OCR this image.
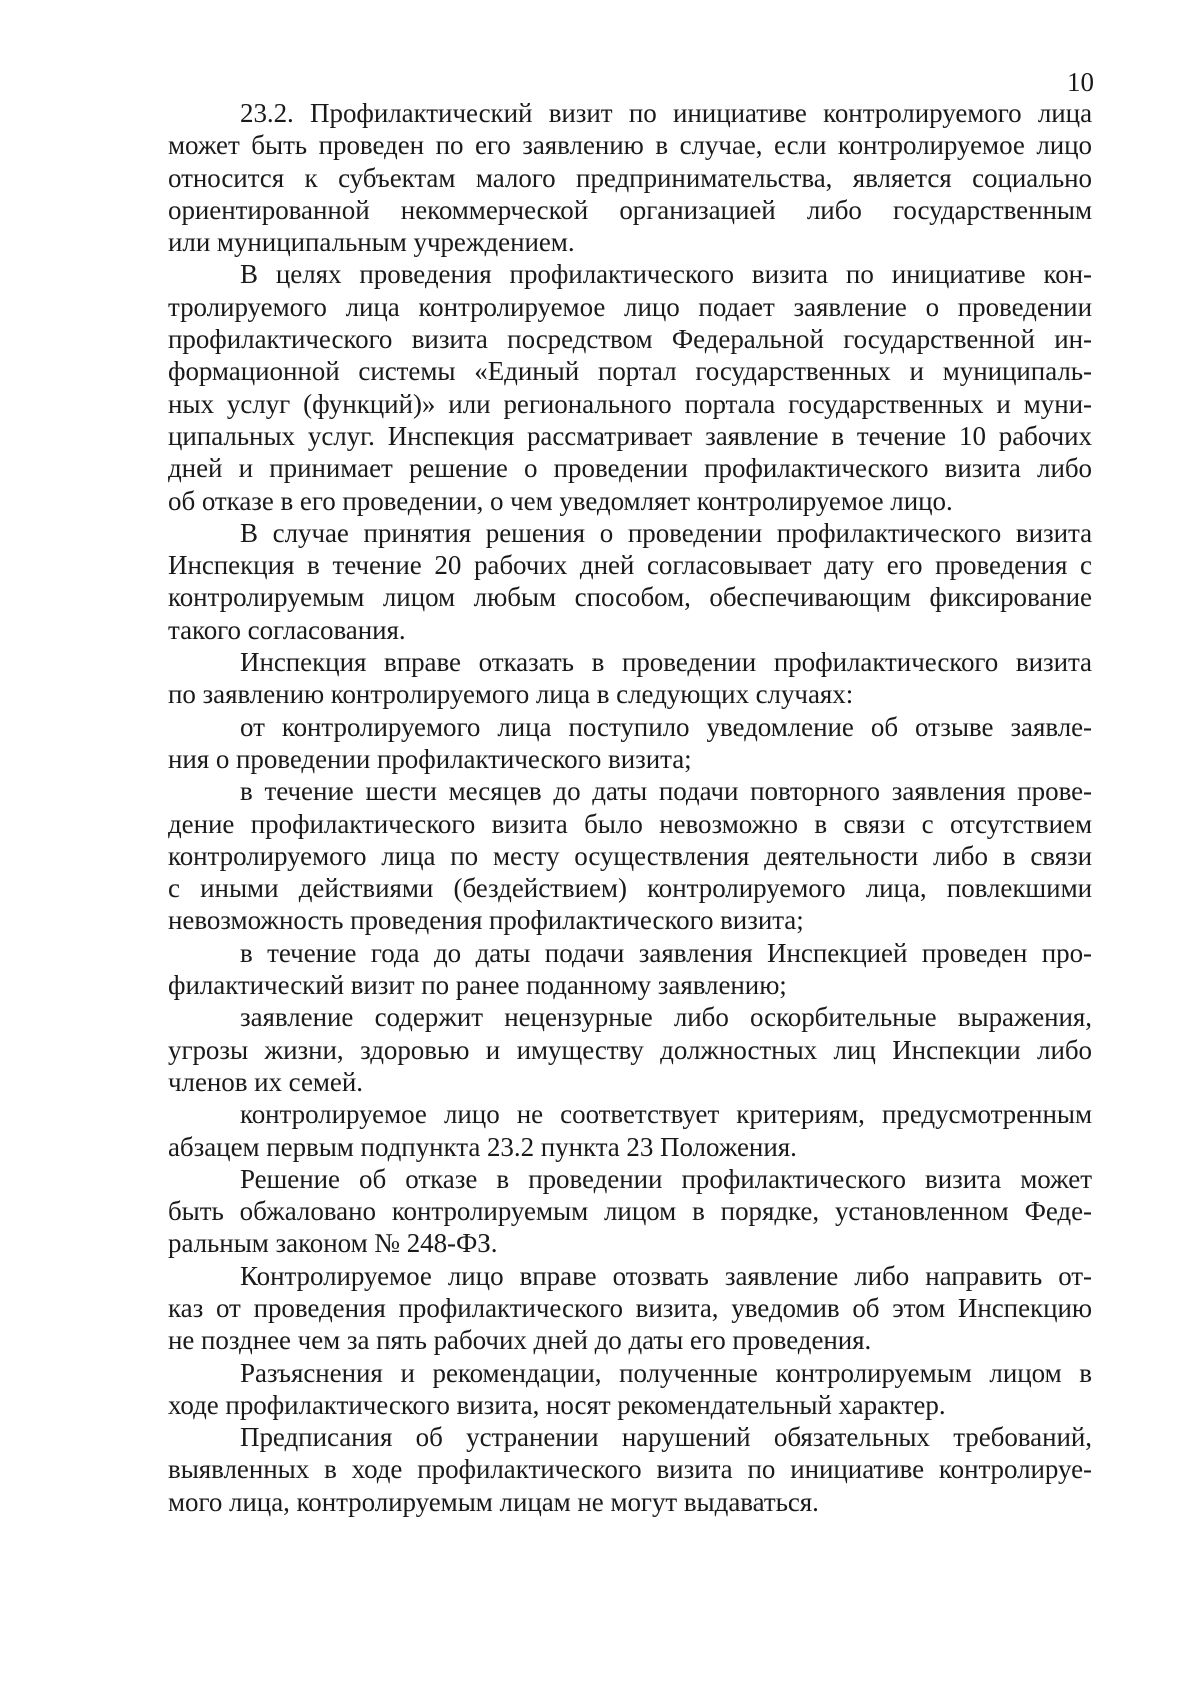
10

23.2. Профилактический визит по инициативе контролируемого лица
может быть проведен по его заявлению в случае, если контролируемое лицо
относится к субъектам малого предпринимательства, является социально
ориентированной некоммерческой организацией либо государственным
или муниципальным учреждением.

В целях проведения профилактического визита по инициативе кон-
тролируемого лица контролируемое лицо подает заявление о проведении
профилактического визита посредством Федеральной государственной ин-
формационной системы «Единый портал государственных и муниципаль-
ных услуг (функций)» или регионального портала государственных и муни-
ципальных услуг. Инспекция рассматривает заявление в течение 10 рабочих
дней и принимает решение о проведении профилактического визита либо
об отказе в его проведении, о чем уведомляет контролируемое лицо.

В случае принятия решения о проведении профилактического визита
Инспекция в течение 20 рабочих дней согласовывает дату его проведения с
контролируемым лицом любым способом, обеспечивающим фиксирование
такого согласования.

Инспекция вправе отказать в проведении профилактического визита
по заявлению контролируемого лица в следующих случаях:

от контролируемого лица поступило уведомление об отзыве заявле-
ния о проведении профилактического визита;

в течение шести месяцев до даты подачи повторного заявления прове-
дение профилактического визита было невозможно в связи с отсутствием
контролируемого лица по месту осуществления деятельности либо в связи
с иными действиями (бездействием) контролируемого лица, повлекшими
невозможность проведения профилактического визита;

в течение года до даты подачи заявления Инспекцией проведен про-
филактический визит по ранее поданному заявлению;

заявление содержит нецензурные либо оскорбительные выражения,
угрозы жизни, здоровью и имуществу должностных лиц Инспекции либо
членов их семей.

контролируемое лицо не соответствует критериям, предусмотренным
абзацем первым подпункта 23.2 пункта 23 Положения.

Решение об отказе в проведении профилактического визита может
быть обжаловано контролируемым лицом в порядке, установленном Феде-
ральным законом № 248-ФЗ.

Контролируемое лицо вправе отозвать заявление либо направить от-
каз от проведения профилактического визита, уведомив об этом Инспекцию
не позднее чем за пять рабочих дней до даты его проведения.

Разъяснения и рекомендации, полученные контролируемым лицом в
ходе профилактического визита, носят рекомендательный характер.

Предписания об устранении нарушений обязательных требований,
выявленных в ходе профилактического визита по инициативе контролируе-
мого лица, контролируемым лицам не могут выдаваться.
